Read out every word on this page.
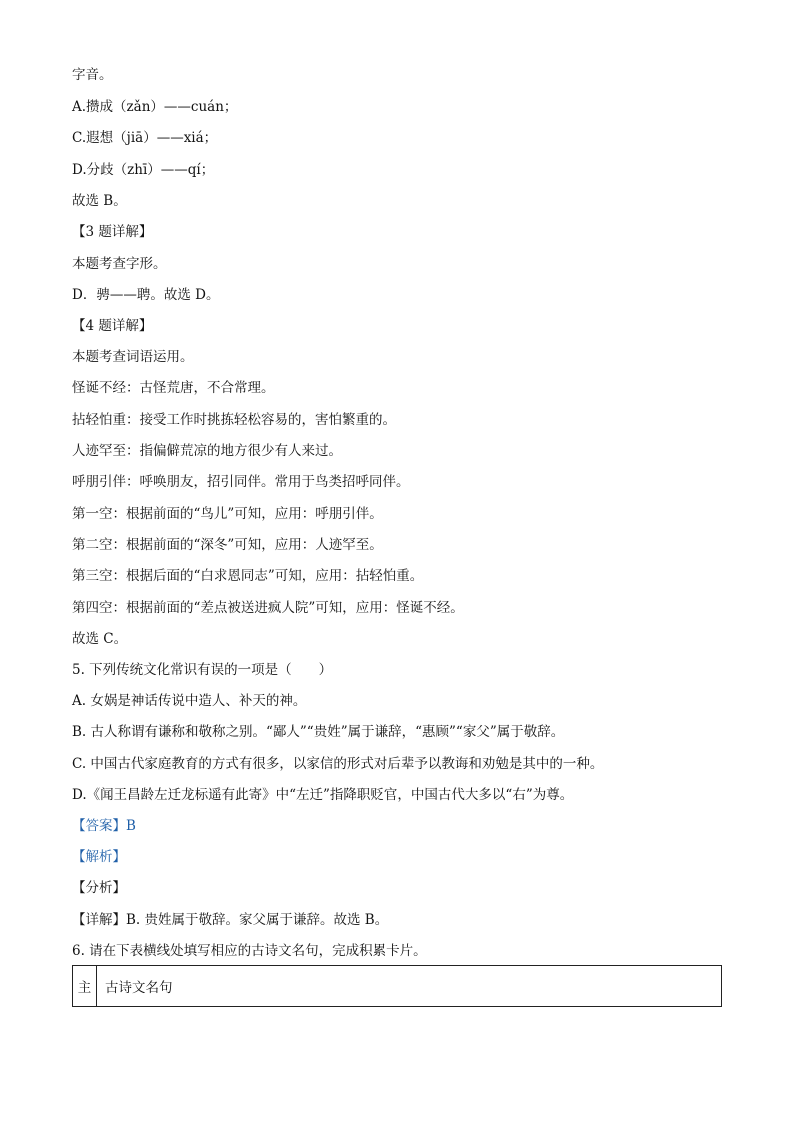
字音。
A.攒成（zǎn）——cuán；
C.遐想（jiā）——xiá；
D.分歧（zhī）——qí；
故选 B。
【3 题详解】
本题考查字形。
D．骋——聘。故选 D。
【4 题详解】
本题考查词语运用。
怪诞不经：古怪荒唐，不合常理。
拈轻怕重：接受工作时挑拣轻松容易的，害怕繁重的。
人迹罕至：指偏僻荒凉的地方很少有人来过。
呼朋引伴：呼唤朋友，招引同伴。常用于鸟类招呼同伴。
第一空：根据前面的“鸟儿”可知，应用：呼朋引伴。
第二空：根据前面的“深冬”可知，应用：人迹罕至。
第三空：根据后面的“白求恩同志”可知，应用：拈轻怕重。
第四空：根据前面的“差点被送进疯人院”可知，应用：怪诞不经。
故选 C。
5. 下列传统文化常识有误的一项是（　　）
A. 女娲是神话传说中造人、补天的神。
B. 古人称谓有谦称和敬称之别。“鄙人”“贵姓”属于谦辞，“惠顾”“家父”属于敬辞。
C. 中国古代家庭教育的方式有很多，以家信的形式对后辈予以教诲和劝勉是其中的一种。
D.《闻王昌龄左迁龙标遥有此寄》中“左迁”指降职贬官，中国古代大多以“右”为尊。
【答案】B
【解析】
【分析】
【详解】B. 贵姓属于敬辞。家父属于谦辞。故选 B。
6. 请在下表横线处填写相应的古诗文名句，完成积累卡片。
主	古诗文名句
